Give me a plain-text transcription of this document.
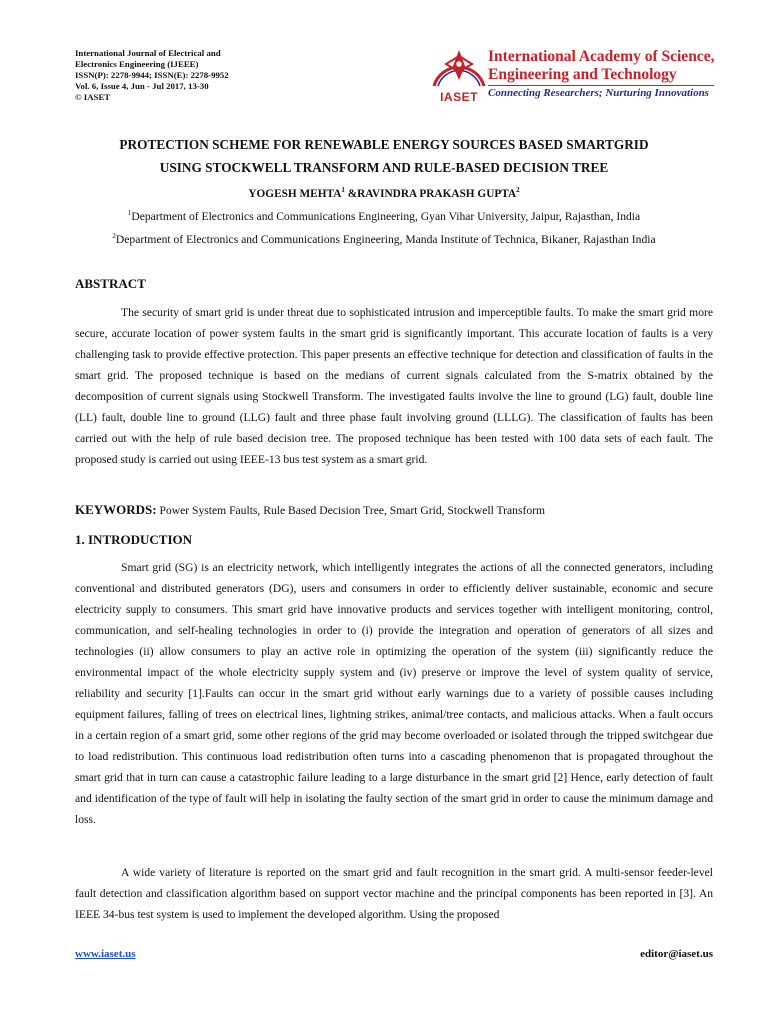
International Journal of Electrical and
Electronics Engineering (IJEEE)
ISSN(P): 2278-9944; ISSN(E): 2278-9952
Vol. 6, Issue 4, Jun - Jul 2017, 13-30
© IASET	IASET
International Academy of Science,
Engineering and Technology
Connecting Researchers; Nurturing Innovations
PROTECTION SCHEME FOR RENEWABLE ENERGY SOURCES BASED SMARTGRID
USING STOCKWELL TRANSFORM AND RULE-BASED DECISION TREE
YOGESH MEHTA$^1$ &RAVINDRA PRAKASH GUPTA$^2$
$^1$Department of Electronics and Communications Engineering, Gyan Vihar University, Jaipur, Rajasthan, India
$^2$Department of Electronics and Communications Engineering, Manda Institute of Technica, Bikaner, Rajasthan India
ABSTRACT
The security of smart grid is under threat due to sophisticated intrusion and imperceptible faults. To make the smart grid more secure, accurate location of power system faults in the smart grid is significantly important. This accurate location of faults is a very challenging task to provide effective protection. This paper presents an effective technique for detection and classification of faults in the smart grid. The proposed technique is based on the medians of current signals calculated from the S-matrix obtained by the decomposition of current signals using Stockwell Transform. The investigated faults involve the line to ground (LG) fault, double line (LL) fault, double line to ground (LLG) fault and three phase fault involving ground (LLLG). The classification of faults has been carried out with the help of rule based decision tree. The proposed technique has been tested with 100 data sets of each fault. The proposed study is carried out using IEEE-13 bus test system as a smart grid.
KEYWORDS: Power System Faults, Rule Based Decision Tree, Smart Grid, Stockwell Transform
1. INTRODUCTION
Smart grid (SG) is an electricity network, which intelligently integrates the actions of all the connected generators, including conventional and distributed generators (DG), users and consumers in order to efficiently deliver sustainable, economic and secure electricity supply to consumers. This smart grid have innovative products and services together with intelligent monitoring, control, communication, and self-healing technologies in order to (i) provide the integration and operation of generators of all sizes and technologies (ii) allow consumers to play an active role in optimizing the operation of the system (iii) significantly reduce the environmental impact of the whole electricity supply system and (iv) preserve or improve the level of system quality of service, reliability and security [1].Faults can occur in the smart grid without early warnings due to a variety of possible causes including equipment failures, falling of trees on electrical lines, lightning strikes, animal/tree contacts, and malicious attacks. When a fault occurs in a certain region of a smart grid, some other regions of the grid may become overloaded or isolated through the tripped switchgear due to load redistribution. This continuous load redistribution often turns into a cascading phenomenon that is propagated throughout the smart grid that in turn can cause a catastrophic failure leading to a large disturbance in the smart grid [2] Hence, early detection of fault and identification of the type of fault will help in isolating the faulty section of the smart grid in order to cause the minimum damage and loss.
A wide variety of literature is reported on the smart grid and fault recognition in the smart grid. A multi-sensor feeder-level fault detection and classification algorithm based on support vector machine and the principal components has been reported in [3]. An IEEE 34-bus test system is used to implement the developed algorithm. Using the proposed
www.iaset.us	editor@iaset.us
